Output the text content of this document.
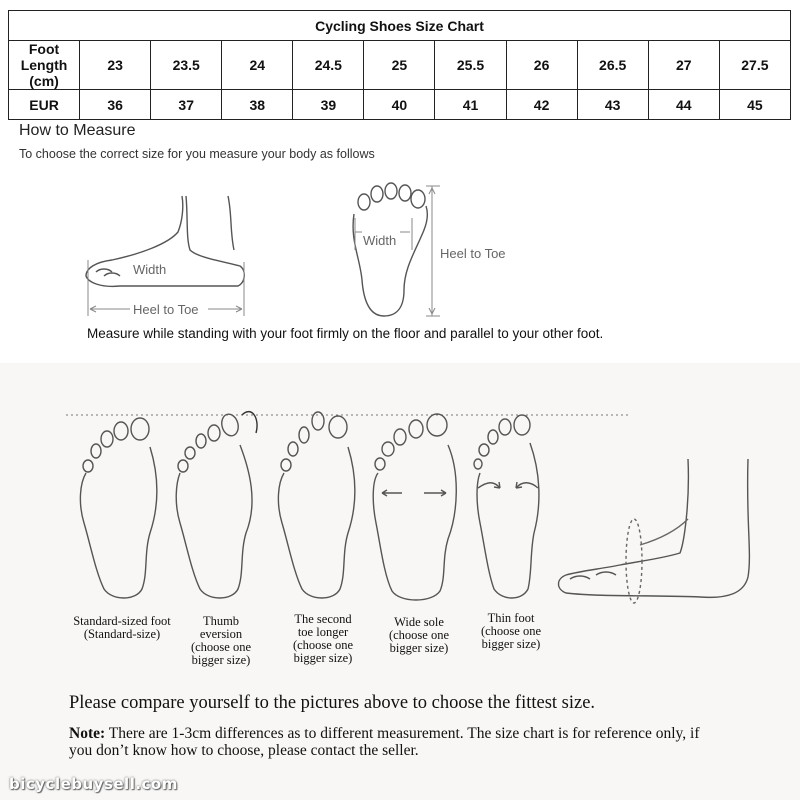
Cycling Shoes Size Chart										
Foot Length (cm)	23	23.5	24	24.5	25	25.5	26	26.5	27	27.5
EUR	36	37	38	39	40	41	42	43	44	45
How to Measure
To choose the correct size for you measure your body as follows
Width
Heel to Toe
Width
Heel to Toe
Measure while standing with your foot firmly on the floor and parallel to your other foot.
Standard-sized foot
(Standard-size)
Thumb
eversion
(choose one
bigger size)
The second
toe longer
(choose one
bigger size)
Wide sole
(choose one
bigger size)
Thin foot
(choose one
bigger size)
Please compare yourself to the pictures above to choose the fittest size.
Note: There are 1-3cm differences as to different measurement. The size chart is for reference only, if you don’t know how to choose, please contact the seller.
bicyclebuysell.com
